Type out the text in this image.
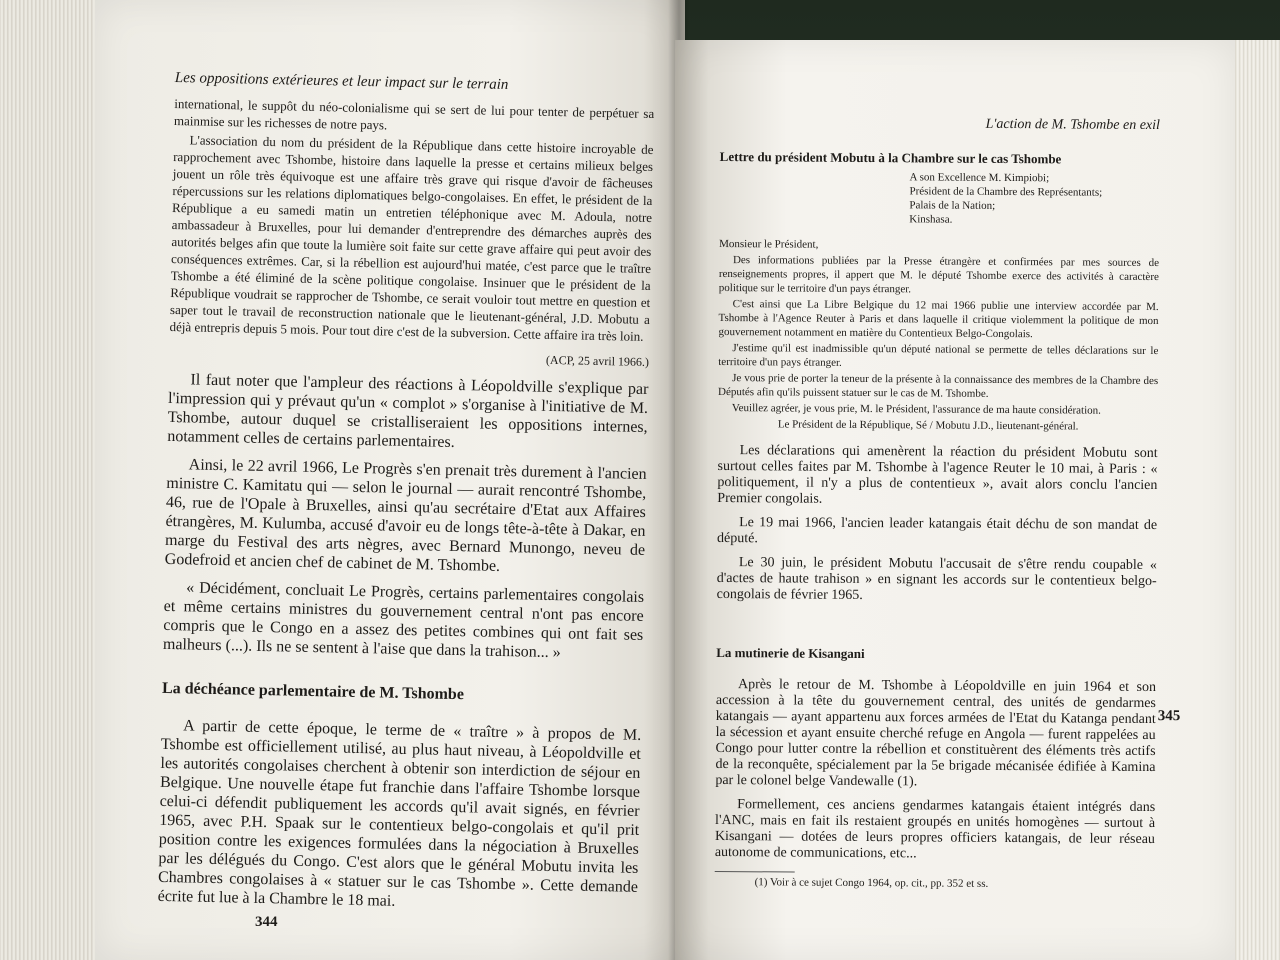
Les oppositions extérieures et leur impact sur le terrain

international, le suppôt du néo-colonialisme qui se sert de lui pour tenter de perpétuer sa mainmise sur les richesses de notre pays.

L'association du nom du président de la République dans cette histoire incroyable de rapprochement avec Tshombe, histoire dans laquelle la presse et certains milieux belges jouent un rôle très équivoque est une affaire très grave qui risque d'avoir de fâcheuses répercussions sur les relations diplomatiques belgo-congolaises. En effet, le président de la République a eu samedi matin un entretien téléphonique avec M. Adoula, notre ambassadeur à Bruxelles, pour lui demander d'entreprendre des démarches auprès des autorités belges afin que toute la lumière soit faite sur cette grave affaire qui peut avoir des conséquences extrêmes. Car, si la rébellion est aujourd'hui matée, c'est parce que le traître Tshombe a été éliminé de la scène politique congolaise. Insinuer que le président de la République voudrait se rapprocher de Tshombe, ce serait vouloir tout mettre en question et saper tout le travail de reconstruction nationale que le lieutenant-général, J.D. Mobutu a déjà entrepris depuis 5 mois. Pour tout dire c'est de la subversion. Cette affaire ira très loin.

(ACP, 25 avril 1966.)

Il faut noter que l'ampleur des réactions à Léopoldville s'explique par l'impression qui y prévaut qu'un « complot » s'organise à l'initiative de M. Tshombe, autour duquel se cristalliseraient les oppositions internes, notamment celles de certains parlementaires.

Ainsi, le 22 avril 1966, Le Progrès s'en prenait très durement à l'ancien ministre C. Kamitatu qui — selon le journal — aurait rencontré Tshombe, 46, rue de l'Opale à Bruxelles, ainsi qu'au secrétaire d'Etat aux Affaires étrangères, M. Kulumba, accusé d'avoir eu de longs tête-à-tête à Dakar, en marge du Festival des arts nègres, avec Bernard Munongo, neveu de Godefroid et ancien chef de cabinet de M. Tshombe.

« Décidément, concluait Le Progrès, certains parlementaires congolais et même certains ministres du gouvernement central n'ont pas encore compris que le Congo en a assez des petites combines qui ont fait ses malheurs (...). Ils ne se sentent à l'aise que dans la trahison... »

La déchéance parlementaire de M. Tshombe

A partir de cette époque, le terme de « traître » à propos de M. Tshombe est officiellement utilisé, au plus haut niveau, à Léopoldville et les autorités congolaises cherchent à obtenir son interdiction de séjour en Belgique. Une nouvelle étape fut franchie dans l'affaire Tshombe lorsque celui-ci défendit publiquement les accords qu'il avait signés, en février 1965, avec P.H. Spaak sur le contentieux belgo-congolais et qu'il prit position contre les exigences formulées dans la négociation à Bruxelles par les délégués du Congo. C'est alors que le général Mobutu invita les Chambres congolaises à « statuer sur le cas Tshombe ». Cette demande écrite fut lue à la Chambre le 18 mai.

344
L'action de M. Tshombe en exil
Lettre du président Mobutu à la Chambre sur le cas Tshombe
A son Excellence M. Kimpiobi;
Président de la Chambre des Représentants;
Palais de la Nation;
Kinshasa.

Monsieur le Président,

Des informations publiées par la Presse étrangère et confirmées par mes sources de renseignements propres, il appert que M. le député Tshombe exerce des activités à caractère politique sur le territoire d'un pays étranger.

C'est ainsi que La Libre Belgique du 12 mai 1966 publie une interview accordée par M. Tshombe à l'Agence Reuter à Paris et dans laquelle il critique violemment la politique de mon gouvernement notamment en matière du Contentieux Belgo-Congolais.

J'estime qu'il est inadmissible qu'un député national se permette de telles déclarations sur le territoire d'un pays étranger.

Je vous prie de porter la teneur de la présente à la connaissance des membres de la Chambre des Députés afin qu'ils puissent statuer sur le cas de M. Tshombe.

Veuillez agréer, je vous prie, M. le Président, l'assurance de ma haute considération.

Le Président de la République, Sé / Mobutu J.D., lieutenant-général.

Les déclarations qui amenèrent la réaction du président Mobutu sont surtout celles faites par M. Tshombe à l'agence Reuter le 10 mai, à Paris : « politiquement, il n'y a plus de contentieux », avait alors conclu l'ancien Premier congolais.

Le 19 mai 1966, l'ancien leader katangais était déchu de son mandat de député.

Le 30 juin, le président Mobutu l'accusait de s'être rendu coupable « d'actes de haute trahison » en signant les accords sur le contentieux belgo-congolais de février 1965.

La mutinerie de Kisangani

Après le retour de M. Tshombe à Léopoldville en juin 1964 et son accession à la tête du gouvernement central, des unités de gendarmes katangais — ayant appartenu aux forces armées de l'Etat du Katanga pendant la sécession et ayant ensuite cherché refuge en Angola — furent rappelées au Congo pour lutter contre la rébellion et constituèrent des éléments très actifs de la reconquête, spécialement par la 5e brigade mécanisée édifiée à Kamina par le colonel belge Vandewalle (1).

Formellement, ces anciens gendarmes katangais étaient intégrés dans l'ANC, mais en fait ils restaient groupés en unités homogènes — surtout à Kisangani — dotées de leurs propres officiers katangais, de leur réseau autonome de communications, etc...

(1) Voir à ce sujet Congo 1964, op. cit., pp. 352 et ss.
345
